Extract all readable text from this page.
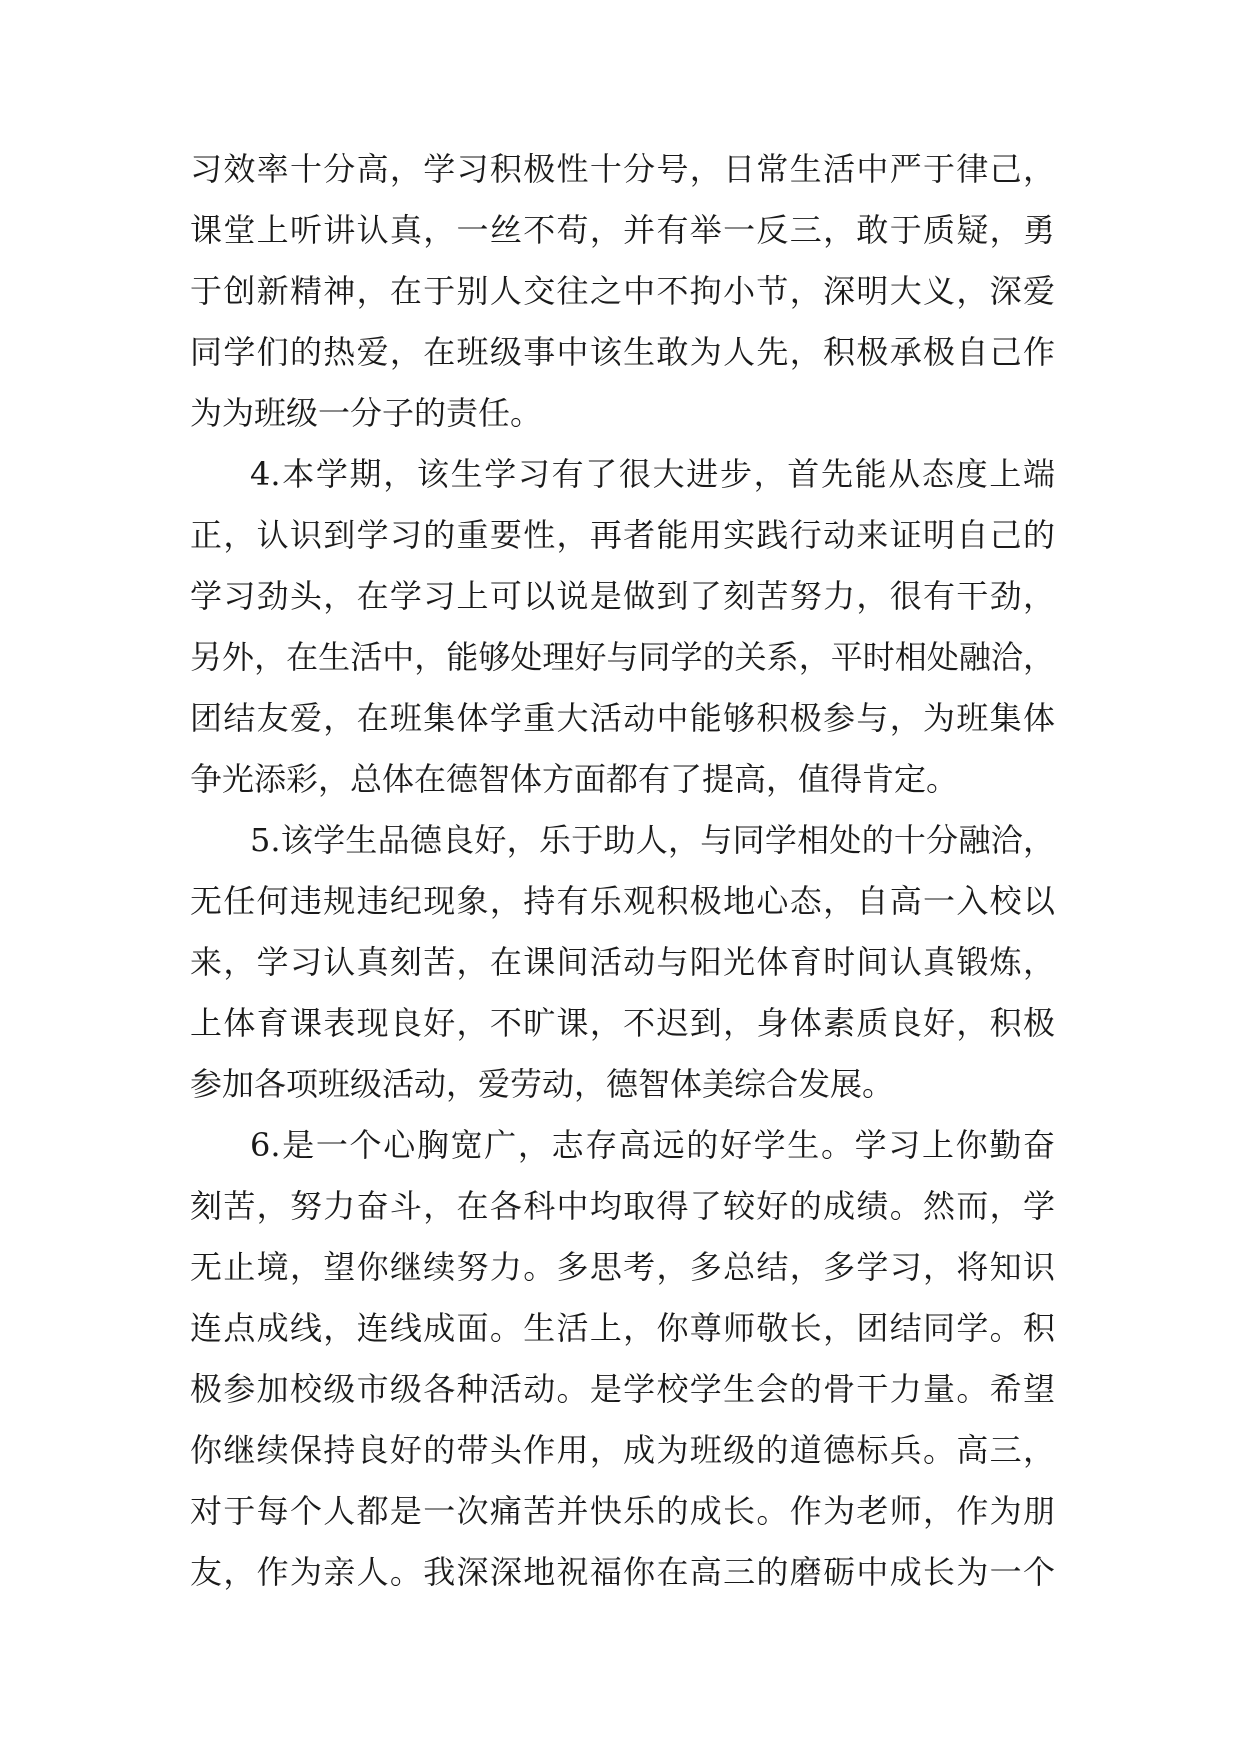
习效率十分高，学习积极性十分号，日常生活中严于律己，
课堂上听讲认真，一丝不苟，并有举一反三，敢于质疑，勇
于创新精神，在于别人交往之中不拘小节，深明大义，深爱
同学们的热爱，在班级事中该生敢为人先，积极承极自己作
为为班级一分子的责任。
4.本学期，该生学习有了很大进步，首先能从态度上端
正，认识到学习的重要性，再者能用实践行动来证明自己的
学习劲头，在学习上可以说是做到了刻苦努力，很有干劲，
另外，在生活中，能够处理好与同学的关系，平时相处融洽，
团结友爱，在班集体学重大活动中能够积极参与，为班集体
争光添彩，总体在德智体方面都有了提高，值得肯定。
5.该学生品德良好，乐于助人，与同学相处的十分融洽，
无任何违规违纪现象，持有乐观积极地心态，自高一入校以
来，学习认真刻苦，在课间活动与阳光体育时间认真锻炼，
上体育课表现良好，不旷课，不迟到，身体素质良好，积极
参加各项班级活动，爱劳动，德智体美综合发展。
6.是一个心胸宽广，志存高远的好学生。学习上你勤奋
刻苦，努力奋斗，在各科中均取得了较好的成绩。然而，学
无止境，望你继续努力。多思考，多总结，多学习，将知识
连点成线，连线成面。生活上，你尊师敬长，团结同学。积
极参加校级市级各种活动。是学校学生会的骨干力量。希望
你继续保持良好的带头作用，成为班级的道德标兵。高三，
对于每个人都是一次痛苦并快乐的成长。作为老师，作为朋
友，作为亲人。我深深地祝福你在高三的磨砺中成长为一个
